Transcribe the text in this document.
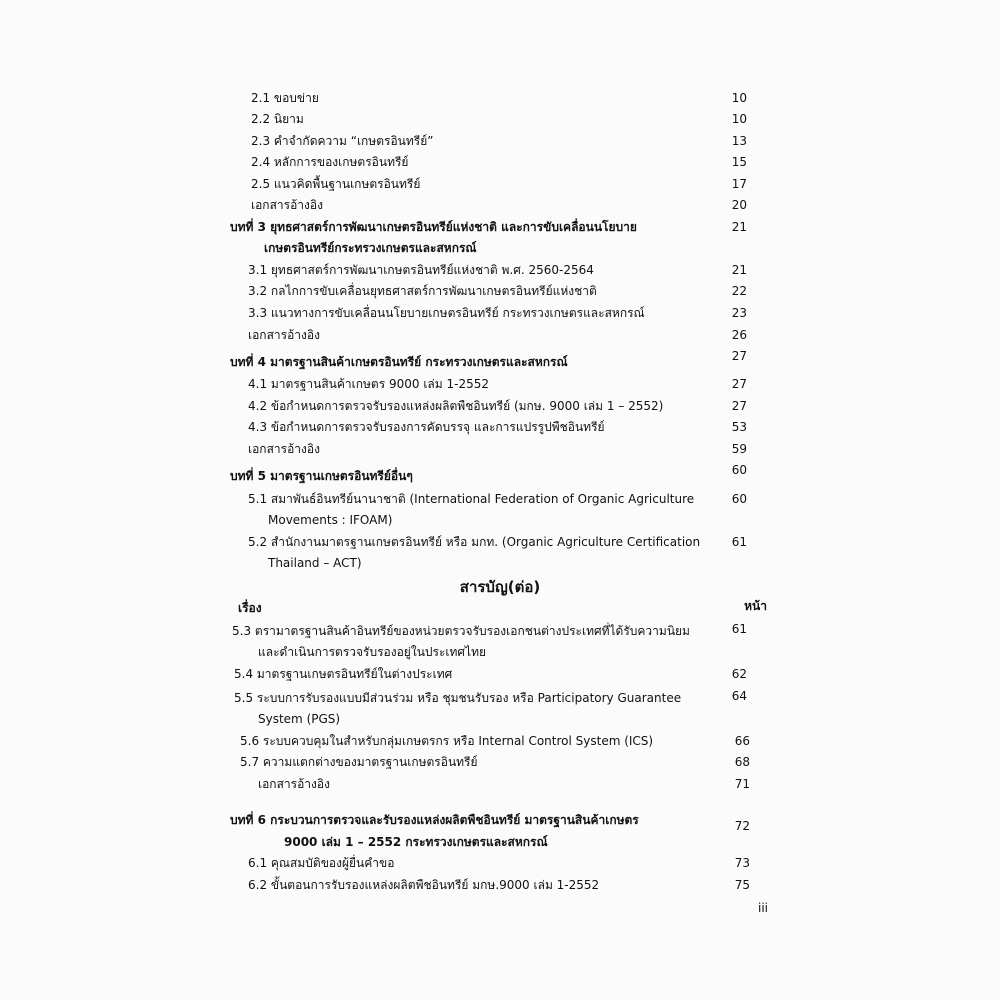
2.1 ขอบข่าย	10
2.2 นิยาม	10
2.3 คำจำกัดความ “เกษตรอินทรีย์”	13
2.4 หลักการของเกษตรอินทรีย์	15
2.5 แนวคิดพื้นฐานเกษตรอินทรีย์	17
เอกสารอ้างอิง	20
บทที่ 3 ยุทธศาสตร์การพัฒนาเกษตรอินทรีย์แห่งชาติ และการขับเคลื่อนนโยบาย	21
เกษตรอินทรีย์กระทรวงเกษตรและสหกรณ์
3.1 ยุทธศาสตร์การพัฒนาเกษตรอินทรีย์แห่งชาติ พ.ศ. 2560-2564	21
3.2 กลไกการขับเคลื่อนยุทธศาสตร์การพัฒนาเกษตรอินทรีย์แห่งชาติ	22
3.3 แนวทางการขับเคลื่อนนโยบายเกษตรอินทรีย์ กระทรวงเกษตรและสหกรณ์	23
เอกสารอ้างอิง	26
บทที่ 4 มาตรฐานสินค้าเกษตรอินทรีย์ กระทรวงเกษตรและสหกรณ์	27
4.1 มาตรฐานสินค้าเกษตร 9000 เล่ม 1-2552	27
4.2 ข้อกำหนดการตรวจรับรองแหล่งผลิตพืชอินทรีย์ (มกษ. 9000 เล่ม 1 – 2552)	27
4.3 ข้อกำหนดการตรวจรับรองการคัดบรรจุ และการแปรรูปพืชอินทรีย์	53
เอกสารอ้างอิง	59
บทที่ 5 มาตรฐานเกษตรอินทรีย์อื่นๆ	60
5.1 สมาพันธ์อินทรีย์นานาชาติ (International Federation of Organic Agriculture	60
Movements : IFOAM)
5.2 สำนักงานมาตรฐานเกษตรอินทรีย์ หรือ มกท. (Organic Agriculture Certification	61
Thailand – ACT)
สารบัญ(ต่อ)
เรื่อง	หน้า
5.3 ตรามาตรฐานสินค้าอินทรีย์ของหน่วยตรวจรับรองเอกชนต่างประเทศที่ได้รับความนิยม	61
และดำเนินการตรวจรับรองอยู่ในประเทศไทย
5.4 มาตรฐานเกษตรอินทรีย์ในต่างประเทศ	62
5.5 ระบบการรับรองแบบมีส่วนร่วม หรือ ชุมชนรับรอง หรือ Participatory Guarantee	64
System (PGS)
5.6 ระบบควบคุมในสำหรับกลุ่มเกษตรกร หรือ Internal Control System (ICS)	66
5.7 ความแตกต่างของมาตรฐานเกษตรอินทรีย์	68
เอกสารอ้างอิง	71
บทที่ 6 กระบวนการตรวจและรับรองแหล่งผลิตพืชอินทรีย์ มาตรฐานสินค้าเกษตร	72
9000 เล่ม 1 – 2552 กระทรวงเกษตรและสหกรณ์
6.1 คุณสมบัติของผู้ยื่นคำขอ	73
6.2 ขั้นตอนการรับรองแหล่งผลิตพืชอินทรีย์ มกษ.9000 เล่ม 1-2552	75
iii
